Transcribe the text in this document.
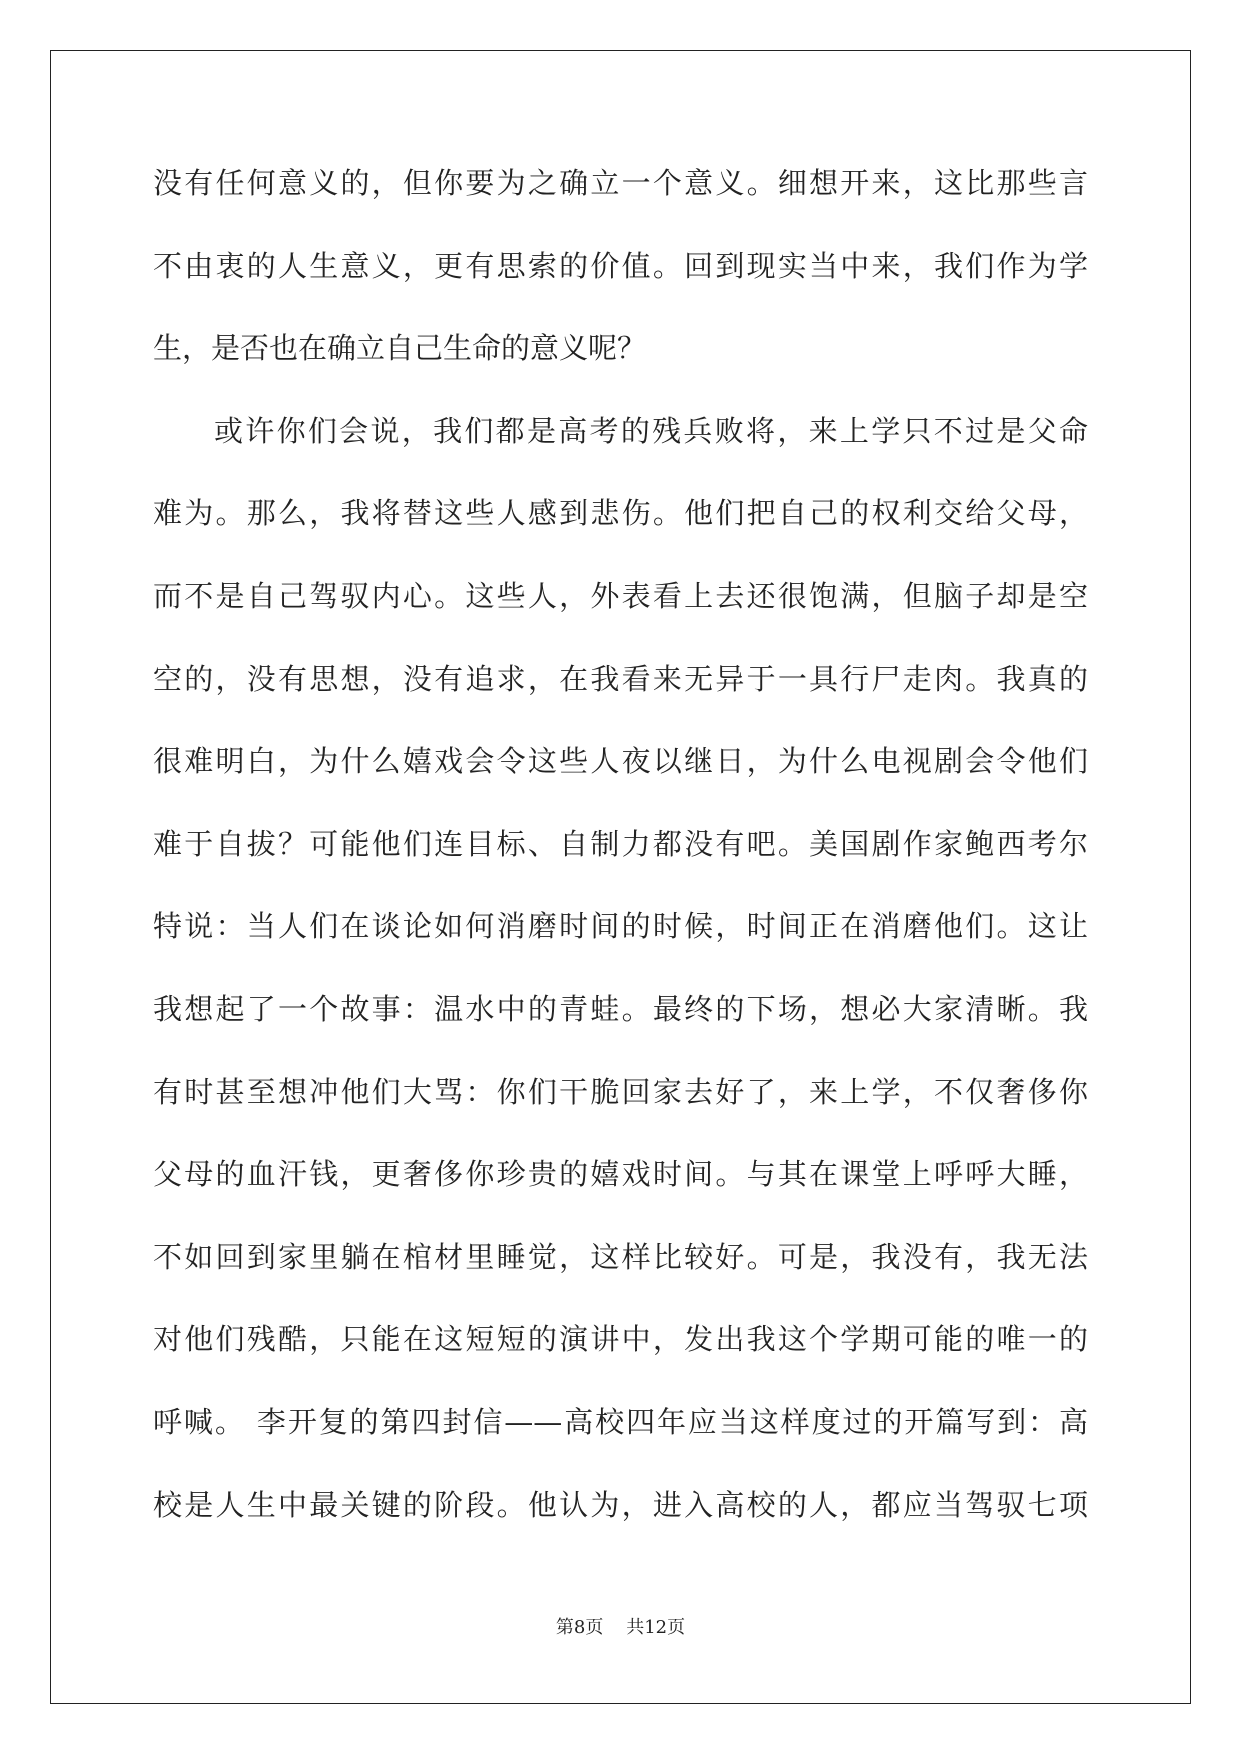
没有任何意义的，但你要为之确立一个意义。细想开来，这比那些言
不由衷的人生意义，更有思索的价值。回到现实当中来，我们作为学
生，是否也在确立自己生命的意义呢？
或许你们会说，我们都是高考的残兵败将，来上学只不过是父命
难为。那么，我将替这些人感到悲伤。他们把自己的权利交给父母，
而不是自己驾驭内心。这些人，外表看上去还很饱满，但脑子却是空
空的，没有思想，没有追求，在我看来无异于一具行尸走肉。我真的
很难明白，为什么嬉戏会令这些人夜以继日，为什么电视剧会令他们
难于自拔？可能他们连目标、自制力都没有吧。美国剧作家鲍西考尔
特说：当人们在谈论如何消磨时间的时候，时间正在消磨他们。这让
我想起了一个故事：温水中的青蛙。最终的下场，想必大家清晰。我
有时甚至想冲他们大骂：你们干脆回家去好了，来上学，不仅奢侈你
父母的血汗钱，更奢侈你珍贵的嬉戏时间。与其在课堂上呼呼大睡，
不如回到家里躺在棺材里睡觉，这样比较好。可是，我没有，我无法
对他们残酷，只能在这短短的演讲中，发出我这个学期可能的唯一的
呼喊。 李开复的第四封信——高校四年应当这样度过的开篇写到：高
校是人生中最关键的阶段。他认为，进入高校的人，都应当驾驭七项
第8页 共12页
